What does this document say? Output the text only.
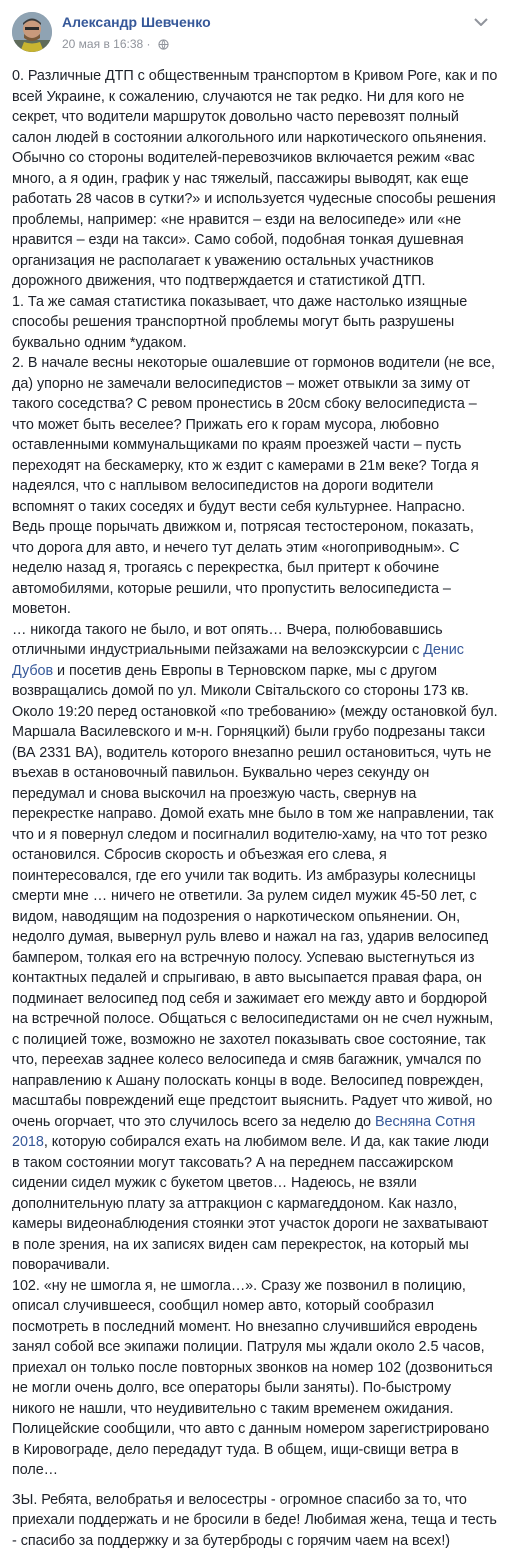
Александр Шевченко
20 мая в 16:38 ·

0. Различные ДТП с общественным транспортом в Кривом Роге, как и по всей Украине, к сожалению, случаются не так редко. Ни для кого не секрет, что водители маршруток довольно часто перевозят полный салон людей в состоянии алкогольного или наркотического опьянения. Обычно со стороны водителей-перевозчиков включается режим «вас много, а я один, график у нас тяжелый, пассажиры выводят, как еще работать 28 часов в сутки?» и используется чудесные способы решения проблемы, например: «не нравится – езди на велосипеде» или «не нравится – езди на такси». Само собой, подобная тонкая душевная организация не располагает к уважению остальных участников дорожного движения, что подтверждается и статистикой ДТП.

1. Та же самая статистика показывает, что даже настолько изящные способы решения транспортной проблемы могут быть разрушены буквально одним *удаком.

2. В начале весны некоторые ошалевшие от гормонов водители (не все, да) упорно не замечали велосипедистов – может отвыкли за зиму от такого соседства? С ревом пронестись в 20см сбоку велосипедиста – что может быть веселее? Прижать его к горам мусора, любовно оставленными коммунальщиками по краям проезжей части – пусть переходят на бескамерку, кто ж ездит с камерами в 21м веке? Тогда я надеялся, что с наплывом велосипедистов на дороги водители вспомнят о таких соседях и будут вести себя культурнее. Напрасно. Ведь проще порычать движком и, потрясая тестостероном, показать, что дорога для авто, и нечего тут делать этим «ногоприводным». С неделю назад я, трогаясь с перекрестка, был притерт к обочине автомобилями, которые решили, что пропустить велосипедиста – моветон.

… никогда такого не было, и вот опять… Вчера, полюбовавшись отличными индустриальными пейзажами на велоэкскурсии с Денис Дубов и посетив день Европы в Терновском парке, мы с другом возвращались домой по ул. Миколи Світальского со стороны 173 кв. Около 19:20 перед остановкой «по требованию» (между остановкой бул. Маршала Василевского и м-н. Горняцкий) были грубо подрезаны такси (ВА 2331 ВА), водитель которого внезапно решил остановиться, чуть не въехав в остановочный павильон. Буквально через секунду он передумал и снова выскочил на проезжую часть, свернув на перекрестке направо. Домой ехать мне было в том же направлении, так что и я повернул следом и посигналил водителю-хаму, на что тот резко остановился. Сбросив скорость и объезжая его слева, я поинтересовался, где его учили так водить. Из амбразуры колесницы смерти мне … ничего не ответили. За рулем сидел мужик 45-50 лет, с видом, наводящим на подозрения о наркотическом опьянении. Он, недолго думая, вывернул руль влево и нажал на газ, ударив велосипед бампером, толкая его на встречную полосу. Успеваю выстегнуться из контактных педалей и спрыгиваю, в авто высыпается правая фара, он подминает велосипед под себя и зажимает его между авто и бордюрой на встречной полосе. Общаться с велосипедистами он не счел нужным, с полицией тоже, возможно не захотел показывать свое состояние, так что, переехав заднее колесо велосипеда и смяв багажник, умчался по направлению к Ашану полоскать концы в воде. Велосипед поврежден, масштабы повреждений еще предстоит выяснить. Радует что живой, но очень огорчает, что это случилось всего за неделю до Весняна Сотня 2018, которую собирался ехать на любимом веле. И да, как такие люди в таком состоянии могут таксовать? А на переднем пассажирском сидении сидел мужик с букетом цветов… Надеюсь, не взяли дополнительную плату за аттракцион с кармагеддоном. Как назло, камеры видеонаблюдения стоянки этот участок дороги не захватывают в поле зрения, на их записях виден сам перекресток, на который мы поворачивали.

102. «ну не шмогла я, не шмогла…». Сразу же позвонил в полицию, описал случившееся, сообщил номер авто, который сообразил посмотреть в последний момент. Но внезапно случившийся евродень занял собой все экипажи полиции. Патруля мы ждали около 2.5 часов, приехал он только после повторных звонков на номер 102 (дозвониться не могли очень долго, все операторы были заняты). По-быстрому никого не нашли, что неудивительно с таким временем ожидания. Полицейские сообщили, что авто с данным номером зарегистрировано в Кировограде, дело передадут туда. В общем, ищи-свищи ветра в поле…

ЗЫ. Ребята, велобратья и велосестры - огромное спасибо за то, что приехали поддержать и не бросили в беде! Любимая жена, теща и тесть - спасибо за поддержку и за бутерброды с горячим чаем на всех!)
